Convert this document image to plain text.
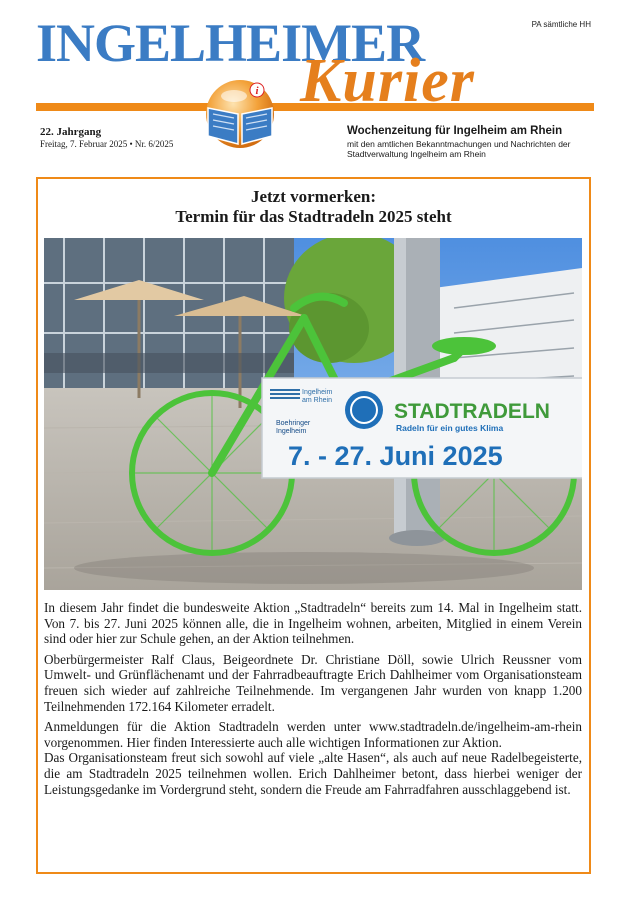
INGELHEIMER
Kurier
PA sämtliche HH
i
22. Jahrgang
Freitag, 7. Februar 2025 • Nr. 6/2025
Wochenzeitung für Ingelheim am Rhein
mit den amtlichen Bekanntmachungen und Nachrichten der Stadtverwaltung Ingelheim am Rhein
Jetzt vormerken:
Termin für das Stadtradeln 2025 steht
Ingelheim
am Rhein
Boehringer
Ingelheim
STADTRADELN
Radeln für ein gutes Klima
7. - 27. Juni 2025

In diesem Jahr findet die bundesweite Aktion „Stadtradeln“ bereits zum 14. Mal in Ingelheim statt. Von 7. bis 27. Juni 2025 können alle, die in Ingelheim wohnen, arbeiten, Mitglied in einem Verein sind oder hier zur Schule gehen, an der Aktion teilnehmen.

Oberbürgermeister Ralf Claus, Beigeordnete Dr. Christiane Döll, sowie Ulrich Reussner vom Umwelt- und Grünflächenamt und der Fahrradbeauftragte Erich Dahlheimer vom Organisationsteam freuen sich wieder auf zahlreiche Teilnehmende. Im vergangenen Jahr wurden von knapp 1.200 Teilnehmenden 172.164 Kilometer erradelt.

Anmeldungen für die Aktion Stadtradeln werden unter www.stadtradeln.de/ingelheim-am-rhein vorgenommen. Hier finden Interessierte auch alle wichtigen Informationen zur Aktion.

Das Organisationsteam freut sich sowohl auf viele „alte Hasen“, als auch auf neue Radelbegeisterte, die am Stadtradeln 2025 teilnehmen wollen. Erich Dahlheimer betont, dass hierbei weniger der Leistungsgedanke im Vordergrund steht, sondern die Freude am Fahrradfahren ausschlaggebend ist.
